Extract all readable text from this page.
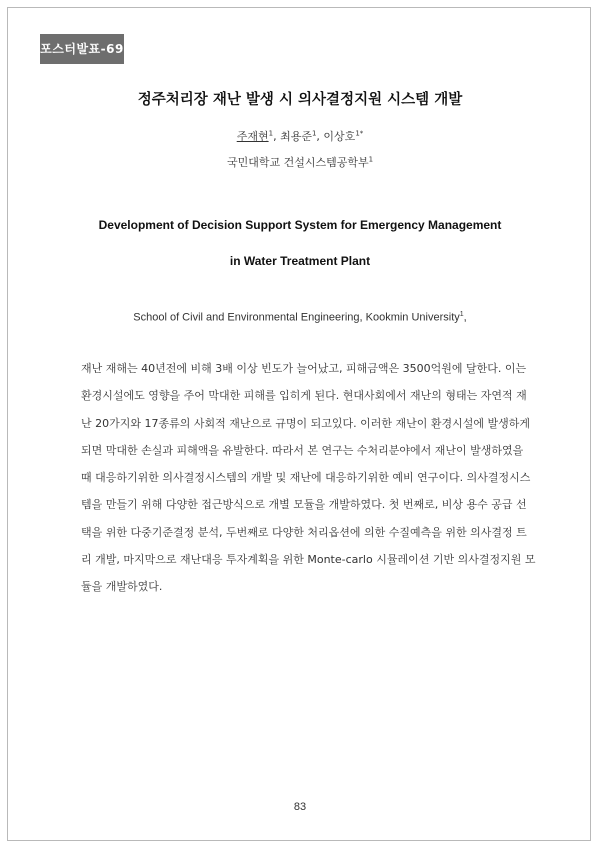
포스터발표-69
정주처리장 재난 발생 시 의사결정지원 시스템 개발
주재현$^1$, 최용준$^1$, 이상호$^{1*}$
국민대학교 건설시스템공학부$^1$
Development of Decision Support System for Emergency Management
in Water Treatment Plant
School of Civil and Environmental Engineering, Kookmin University$^1$,
재난 재해는 40년전에 비해 3배 이상 빈도가 늘어났고, 피해금액은 3500억원에 달한다. 이는
환경시설에도 영향을 주어 막대한 피해를 입히게 된다. 현대사회에서 재난의 형태는 자연적 재
난 20가지와 17종류의 사회적 재난으로 규명이 되고있다. 이러한 재난이 환경시설에 발생하게
되면 막대한 손실과 피해액을 유발한다. 따라서 본 연구는 수처리분야에서 재난이 발생하였을
때 대응하기위한 의사결정시스템의 개발 및 재난에 대응하기위한 예비 연구이다. 의사결정시스
템을 만들기 위해 다양한 접근방식으로 개별 모듈을 개발하였다. 첫 번째로, 비상 용수 공급 선
택을 위한 다중기준결정 분석, 두번째로 다양한 처리옵션에 의한 수질예측을 위한 의사결정 트
리 개발, 마지막으로 재난대응 투자계획을 위한 Monte-carlo 시뮬레이션 기반 의사결정지원 모
듈을 개발하였다.
83
